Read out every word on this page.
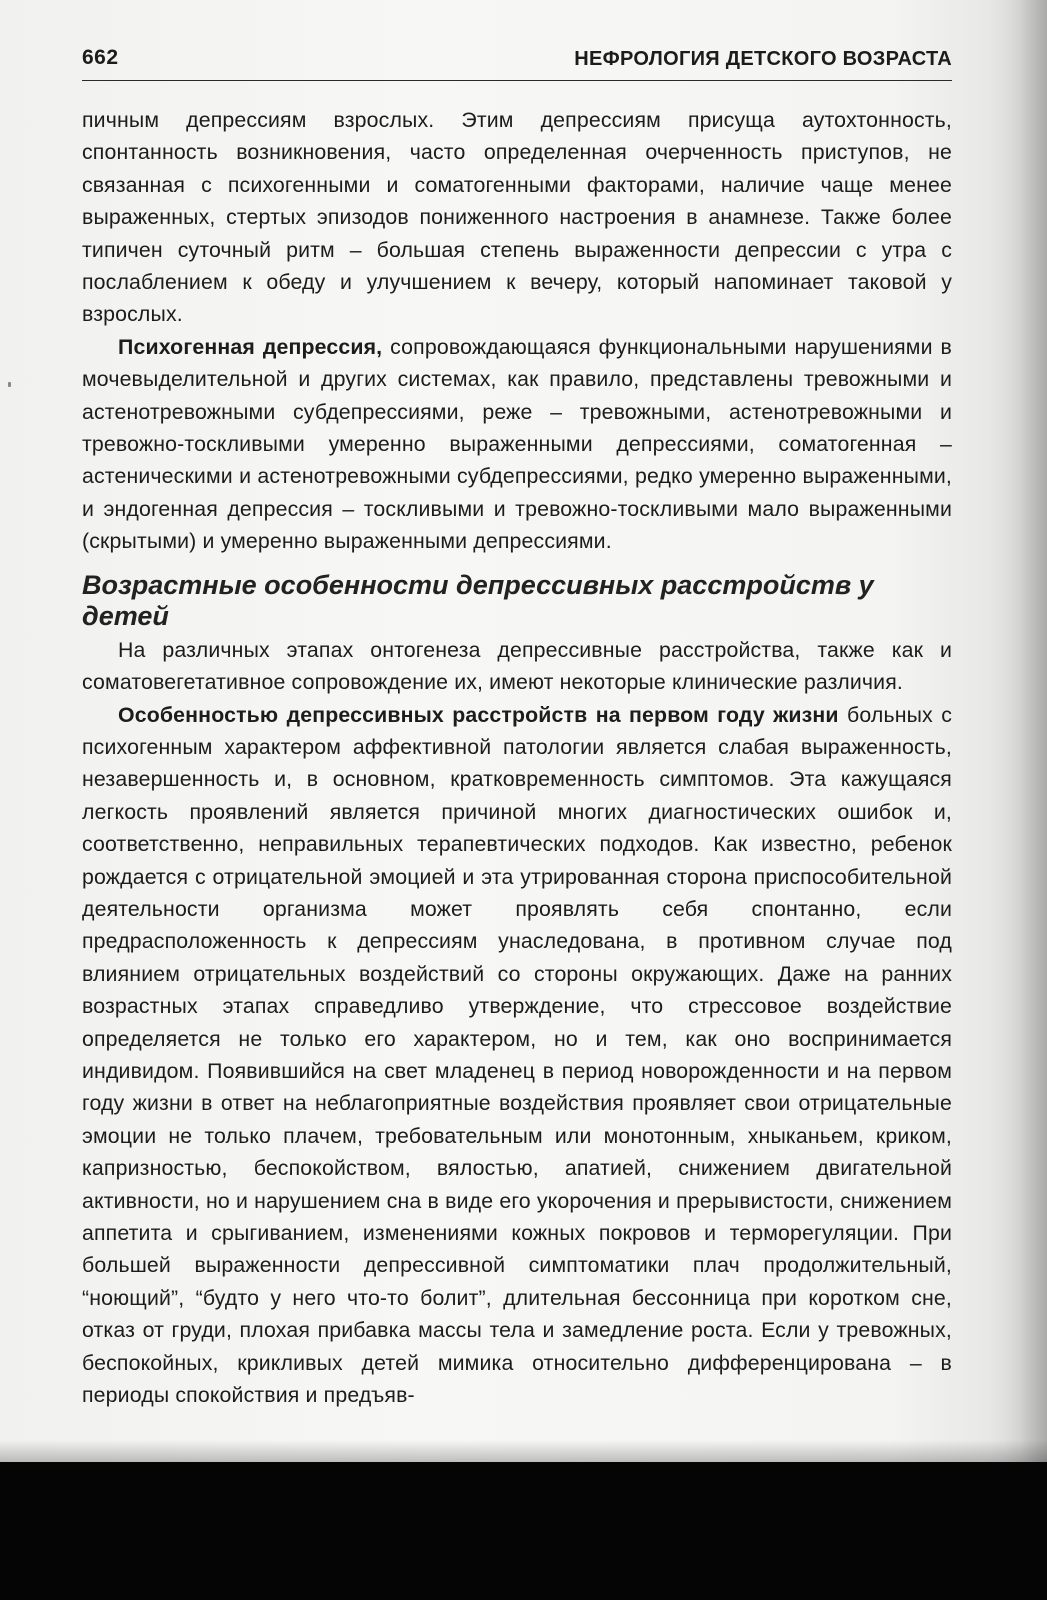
662	НЕФРОЛОГИЯ ДЕТСКОГО ВОЗРАСТА

пичным депрессиям взрослых. Этим депрессиям присуща аутохтонность, спонтанность возникновения, часто определенная очерченность приступов, не связанная с психогенными и соматогенными факторами, наличие чаще менее выраженных, стертых эпизодов пониженного настроения в анамнезе. Также более типичен суточный ритм – большая степень выраженности депрессии с утра с послаблением к обеду и улучшением к вечеру, который напоминает таковой у взрослых.

Психогенная депрессия, сопровождающаяся функциональными нарушениями в мочевыделительной и других системах, как правило, представлены тревожными и астенотревожными субдепрессиями, реже – тревожными, астенотревожными и тревожно-тоскливыми умеренно выраженными депрессиями, соматогенная – астеническими и астенотревожными субдепрессиями, редко умеренно выраженными, и эндогенная депрессия – тоскливыми и тревожно-тоскливыми мало выраженными (скрытыми) и умеренно выраженными депрессиями.

Возрастные особенности депрессивных расстройств у детей

На различных этапах онтогенеза депрессивные расстройства, также как и соматовегетативное сопровождение их, имеют некоторые клинические различия.

Особенностью депрессивных расстройств на первом году жизни больных с психогенным характером аффективной патологии является слабая выраженность, незавершенность и, в основном, кратковременность симптомов. Эта кажущаяся легкость проявлений является причиной многих диагностических ошибок и, соответственно, неправильных терапевтических подходов. Как известно, ребенок рождается с отрицательной эмоцией и эта утрированная сторона приспособительной деятельности организма может проявлять себя спонтанно, если предрасположенность к депрессиям унаследована, в противном случае под влиянием отрицательных воздействий со стороны окружающих. Даже на ранних возрастных этапах справедливо утверждение, что стрессовое воздействие определяется не только его характером, но и тем, как оно воспринимается индивидом. Появившийся на свет младенец в период новорожденности и на первом году жизни в ответ на неблагоприятные воздействия проявляет свои отрицательные эмоции не только плачем, требовательным или монотонным, хныканьем, криком, капризностью, беспокойством, вялостью, апатией, снижением двигательной активности, но и нарушением сна в виде его укорочения и прерывистости, снижением аппетита и срыгиванием, изменениями кожных покровов и терморегуляции. При большей выраженности депрессивной симптоматики плач продолжительный, “ноющий”, “будто у него что-то болит”, длительная бессонница при коротком сне, отказ от груди, плохая прибавка массы тела и замедление роста. Если у тревожных, беспокойных, крикливых детей мимика относительно дифференцирована – в периоды спокойствия и предъяв-
